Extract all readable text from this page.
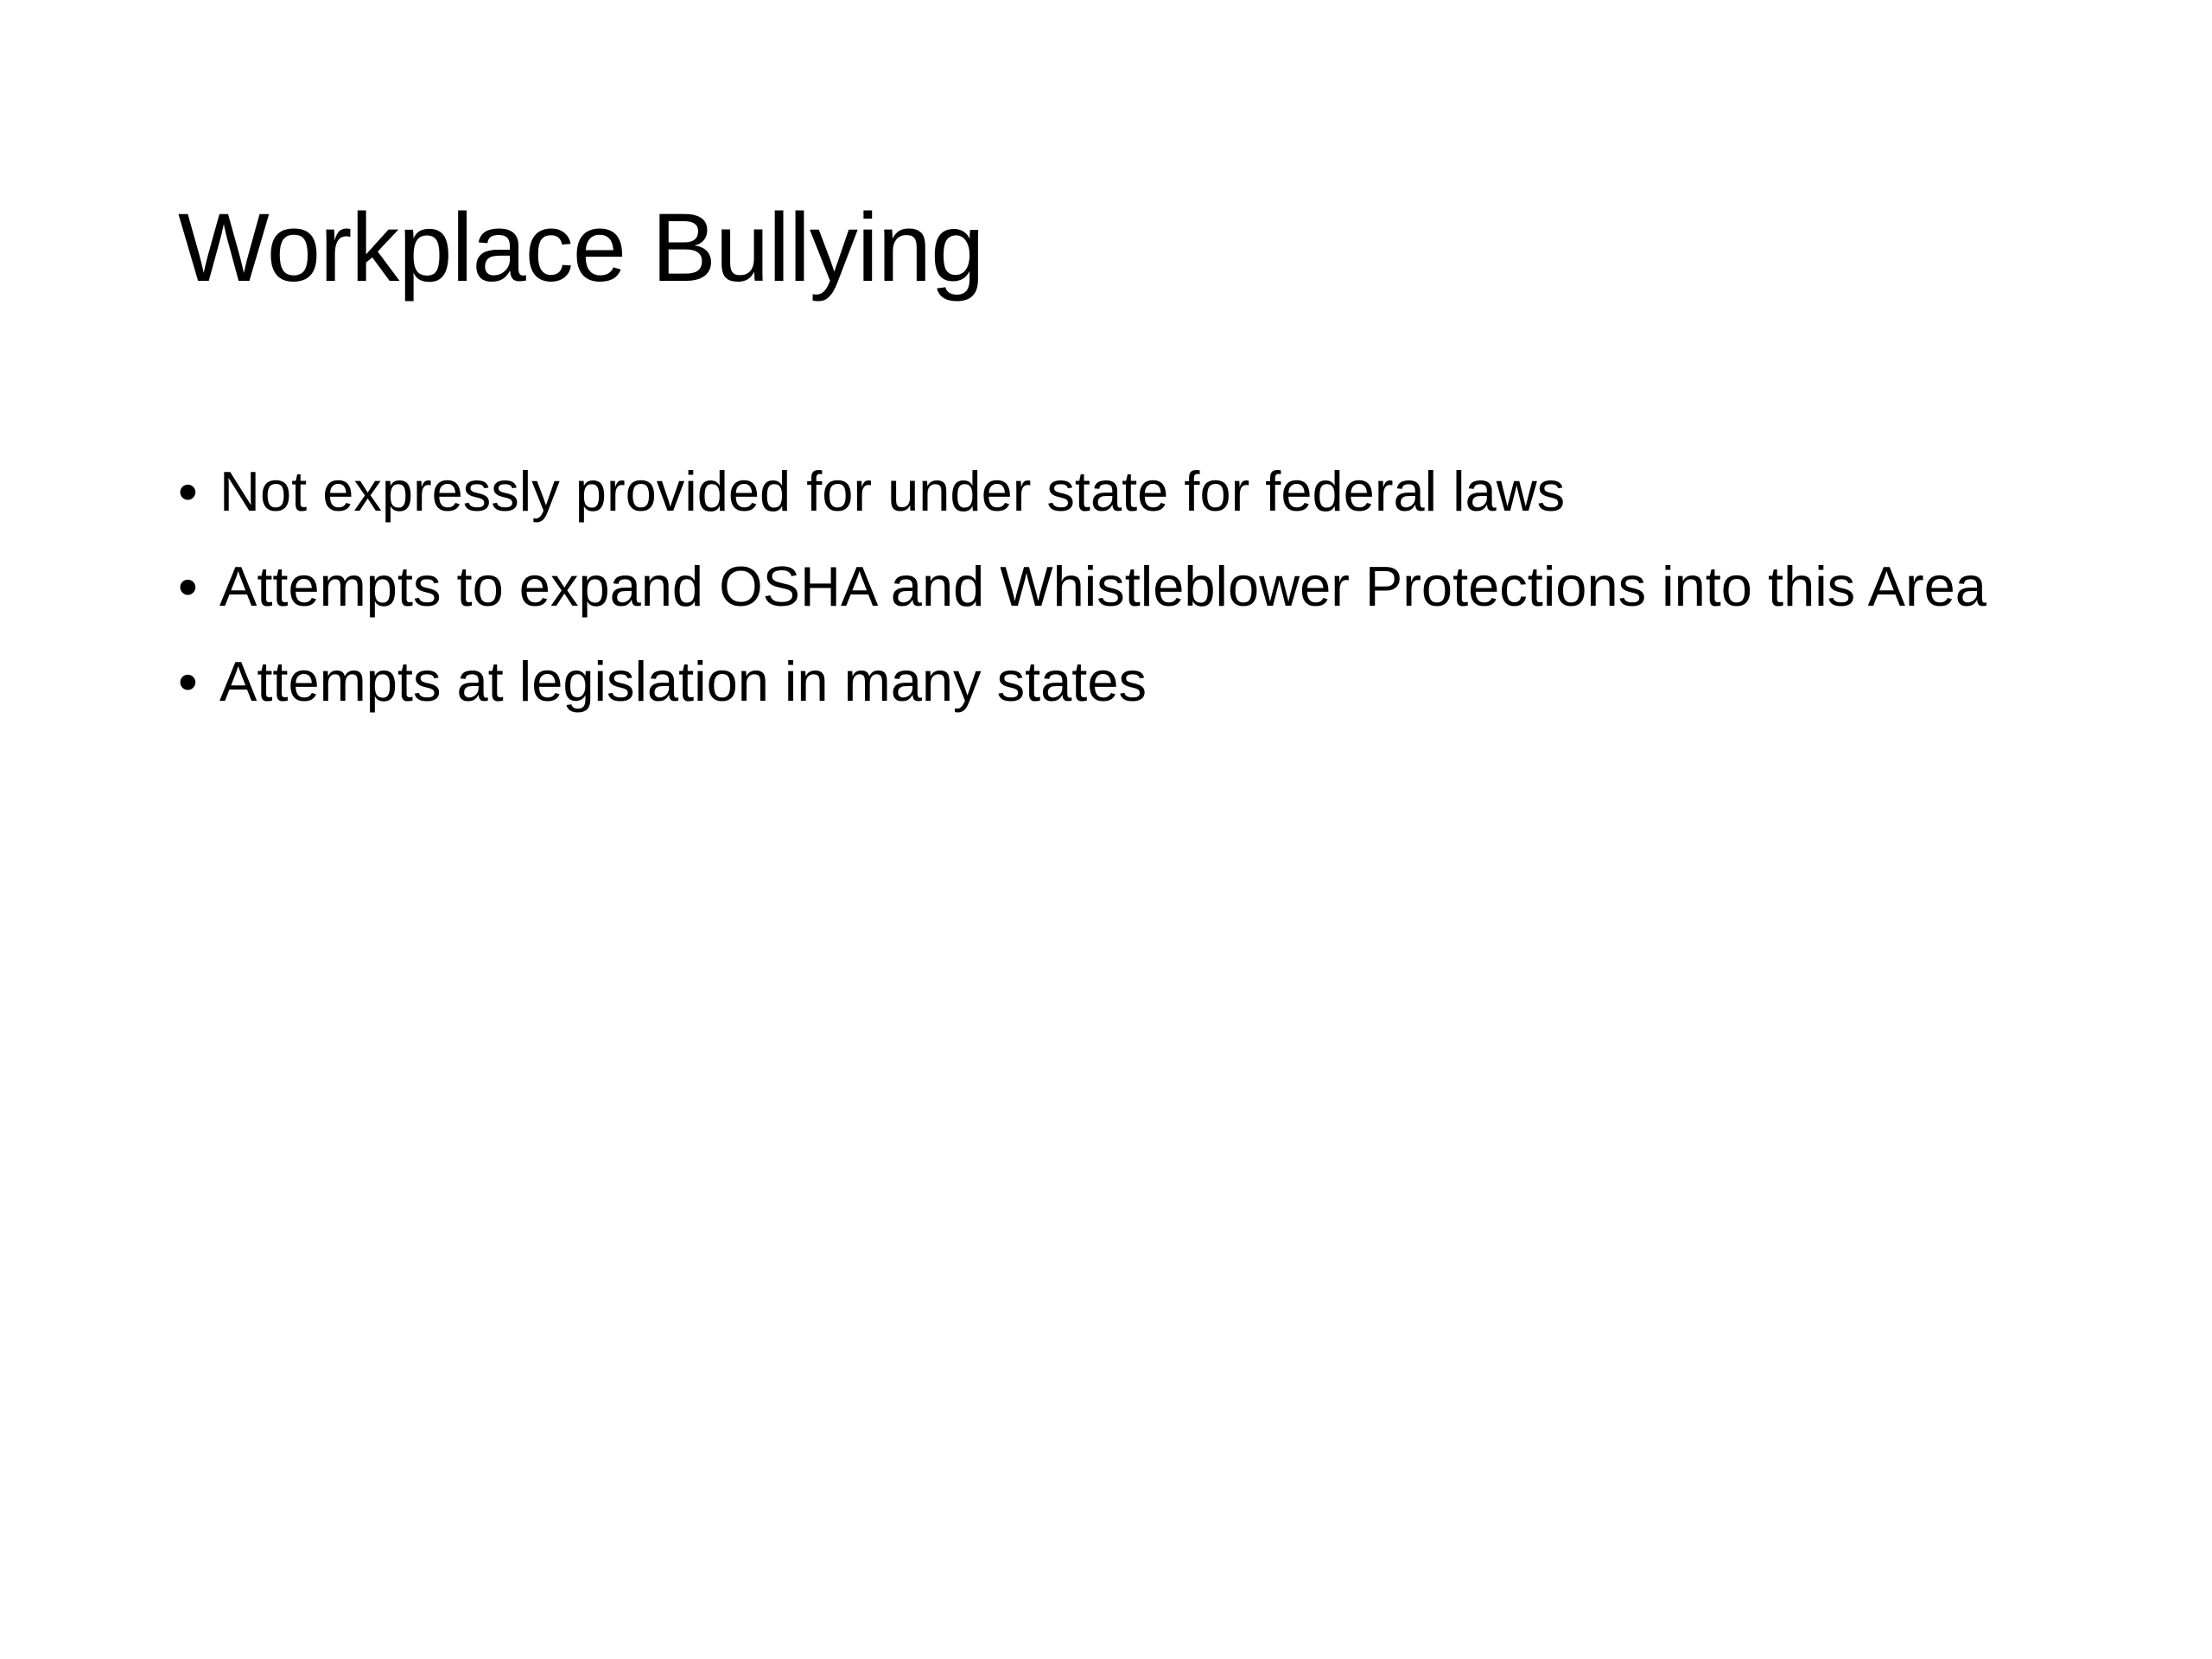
Workplace Bullying
• Not expressly provided for under state for federal laws
• Attempts to expand OSHA and Whistleblower Protections into this Area
• Attempts at legislation in many states
